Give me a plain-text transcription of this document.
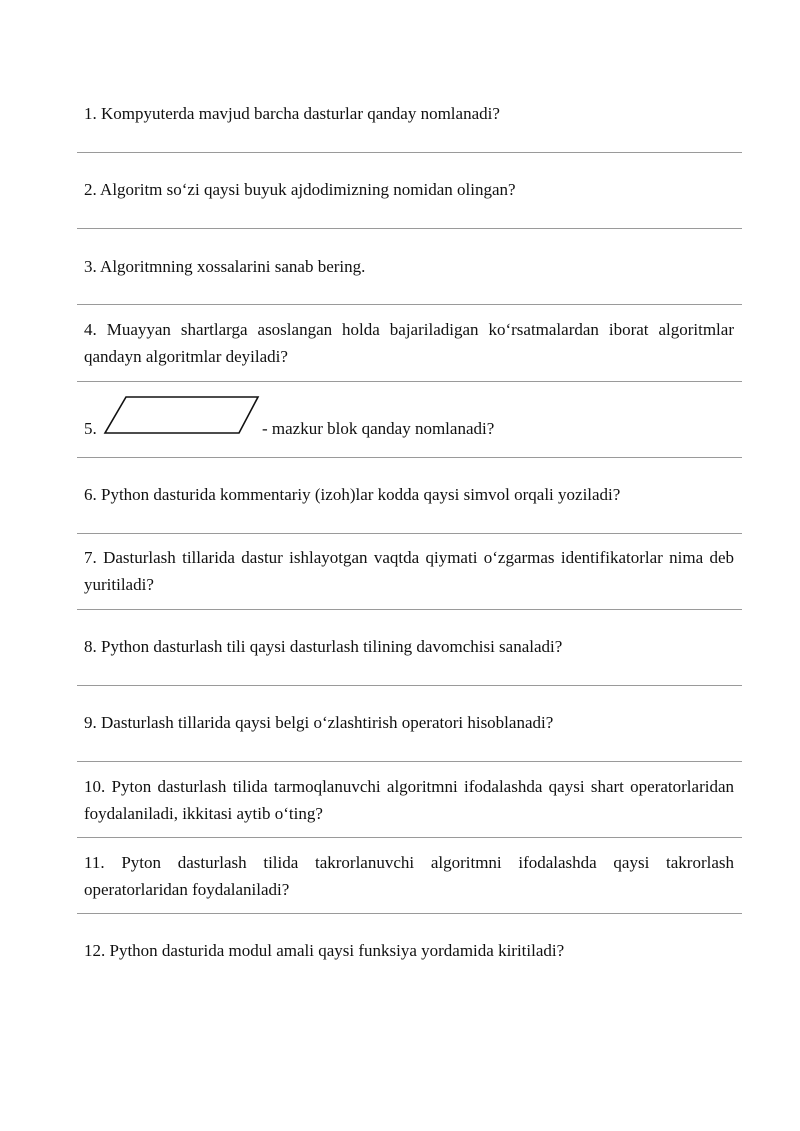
1. Kompyuterda mavjud barcha dasturlar qanday nomlanadi?
2. Algoritm so‘zi qaysi buyuk ajdodimizning nomidan olingan?
3. Algoritmning xossalarini sanab bering.
4. Muayyan shartlarga asoslangan holda bajariladigan ko‘rsatmalardan iborat algoritmlar qandayn algoritmlar deyiladi?
5.	- mazkur blok qanday nomlanadi?
6. Python dasturida kommentariy (izoh)lar kodda qaysi simvol orqali yoziladi?
7. Dasturlash tillarida dastur ishlayotgan vaqtda qiymati o‘zgarmas identifikatorlar nima deb yuritiladi?
8. Python dasturlash tili qaysi dasturlash tilining davomchisi sanaladi?
9. Dasturlash tillarida qaysi belgi o‘zlashtirish operatori hisoblanadi?
10. Pyton dasturlash tilida tarmoqlanuvchi algoritmni ifodalashda qaysi shart operatorlaridan foydalaniladi, ikkitasi aytib o‘ting?
11. Pyton dasturlash tilida takrorlanuvchi algoritmni ifodalashda qaysi takrorlash operatorlaridan foydalaniladi?
12. Python dasturida modul amali qaysi funksiya yordamida kiritiladi?
